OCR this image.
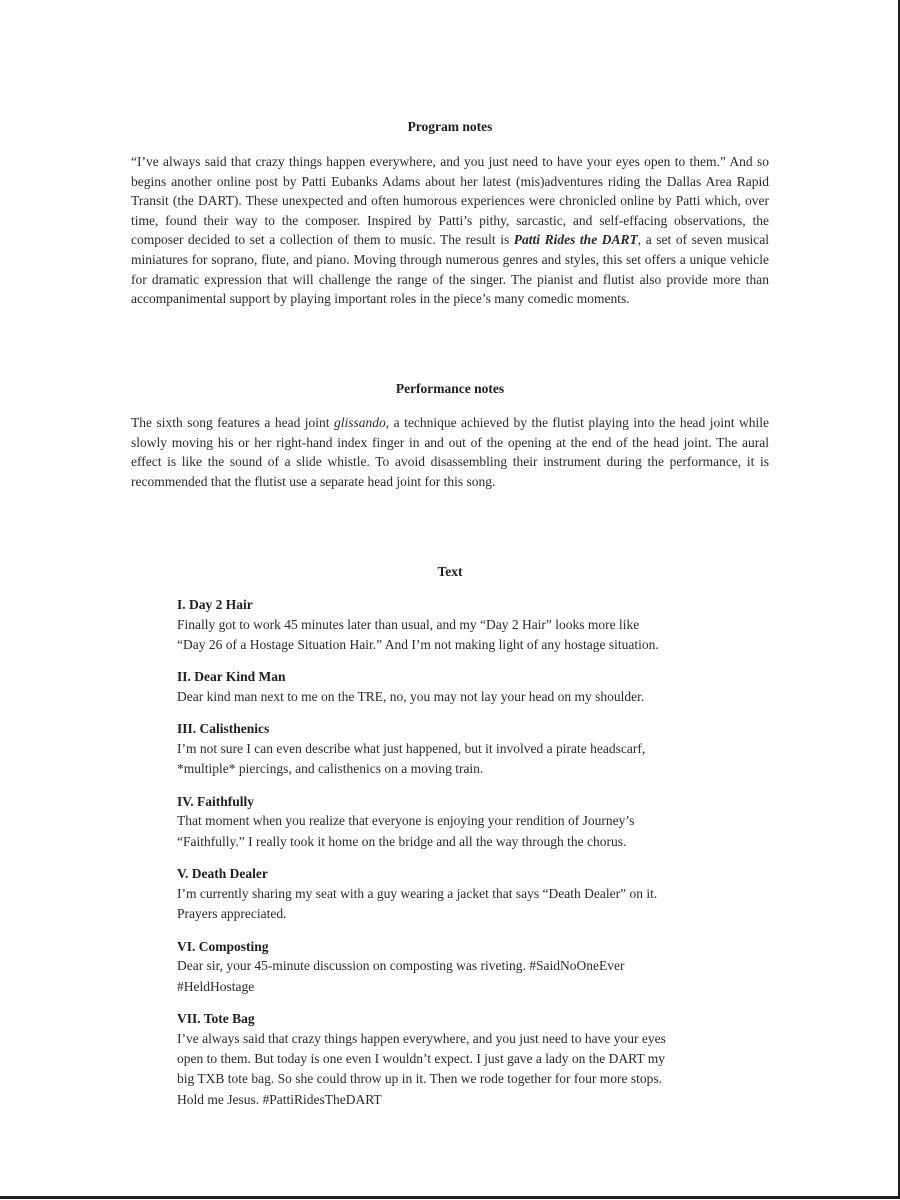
Program notes

“I’ve always said that crazy things happen everywhere, and you just need to have your eyes open to them.” And so begins another online post by Patti Eubanks Adams about her latest (mis)adventures riding the Dallas Area Rapid Transit (the DART). These unexpected and often humorous experiences were chronicled online by Patti which, over time, found their way to the composer. Inspired by Patti’s pithy, sarcastic, and self-effacing observations, the composer decided to set a collection of them to music. The result is Patti Rides the DART, a set of seven musical miniatures for soprano, flute, and piano. Moving through numerous genres and styles, this set offers a unique vehicle for dramatic expression that will challenge the range of the singer. The pianist and flutist also provide more than accompanimental support by playing important roles in the piece’s many comedic moments.

Performance notes

The sixth song features a head joint glissando, a technique achieved by the flutist playing into the head joint while slowly moving his or her right-hand index finger in and out of the opening at the end of the head joint. The aural effect is like the sound of a slide whistle. To avoid disassembling their instrument during the performance, it is recommended that the flutist use a separate head joint for this song.

Text
I. Day 2 Hair
Finally got to work 45 minutes later than usual, and my “Day 2 Hair” looks more like
“Day 26 of a Hostage Situation Hair.” And I’m not making light of any hostage situation.
II. Dear Kind Man
Dear kind man next to me on the TRE, no, you may not lay your head on my shoulder.
III. Calisthenics
I’m not sure I can even describe what just happened, but it involved a pirate headscarf,
*multiple* piercings, and calisthenics on a moving train.
IV. Faithfully
That moment when you realize that everyone is enjoying your rendition of Journey’s
“Faithfully.” I really took it home on the bridge and all the way through the chorus.
V. Death Dealer
I’m currently sharing my seat with a guy wearing a jacket that says “Death Dealer” on it.
Prayers appreciated.
VI. Composting
Dear sir, your 45-minute discussion on composting was riveting. #SaidNoOneEver
#HeldHostage
VII. Tote Bag
I’ve always said that crazy things happen everywhere, and you just need to have your eyes
open to them. But today is one even I wouldn’t expect. I just gave a lady on the DART my
big TXB tote bag. So she could throw up in it. Then we rode together for four more stops.
Hold me Jesus. #PattiRidesTheDART
